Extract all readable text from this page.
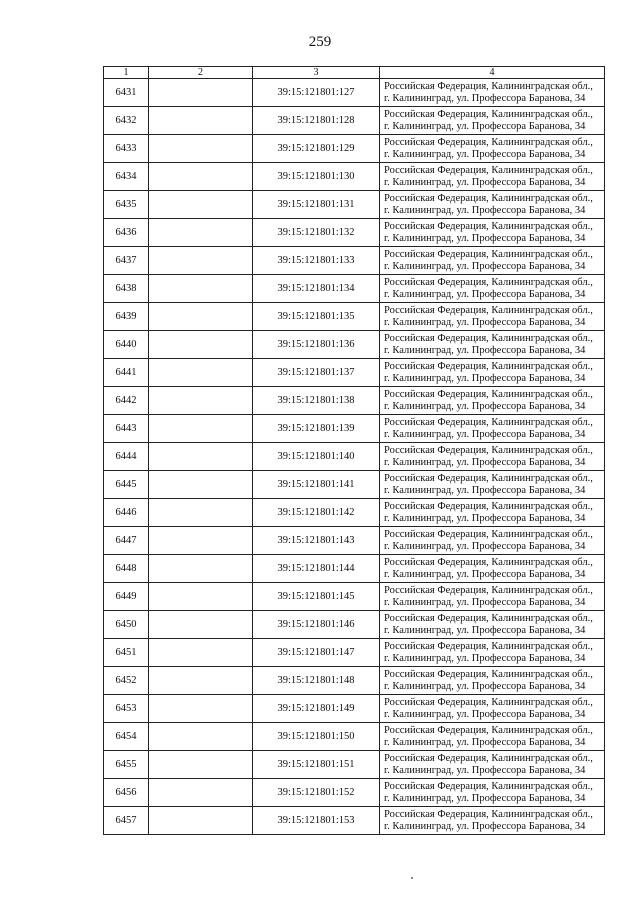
259
1	2	3	4
6431		39:15:121801:127	Российская Федерация, Калининградская обл.,
г. Калининград, ул. Профессора Баранова, 34

6432		39:15:121801:128	Российская Федерация, Калининградская обл.,
г. Калининград, ул. Профессора Баранова, 34

6433		39:15:121801:129	Российская Федерация, Калининградская обл.,
г. Калининград, ул. Профессора Баранова, 34

6434		39:15:121801:130	Российская Федерация, Калининградская обл.,
г. Калининград, ул. Профессора Баранова, 34

6435		39:15:121801:131	Российская Федерация, Калининградская обл.,
г. Калининград, ул. Профессора Баранова, 34

6436		39:15:121801:132	Российская Федерация, Калининградская обл.,
г. Калининград, ул. Профессора Баранова, 34

6437		39:15:121801:133	Российская Федерация, Калининградская обл.,
г. Калининград, ул. Профессора Баранова, 34

6438		39:15:121801:134	Российская Федерация, Калининградская обл.,
г. Калининград, ул. Профессора Баранова, 34

6439		39:15:121801:135	Российская Федерация, Калининградская обл.,
г. Калининград, ул. Профессора Баранова, 34

6440		39:15:121801:136	Российская Федерация, Калининградская обл.,
г. Калининград, ул. Профессора Баранова, 34

6441		39:15:121801:137	Российская Федерация, Калининградская обл.,
г. Калининград, ул. Профессора Баранова, 34

6442		39:15:121801:138	Российская Федерация, Калининградская обл.,
г. Калининград, ул. Профессора Баранова, 34

6443		39:15:121801:139	Российская Федерация, Калининградская обл.,
г. Калининград, ул. Профессора Баранова, 34

6444		39:15:121801:140	Российская Федерация, Калининградская обл.,
г. Калининград, ул. Профессора Баранова, 34

6445		39:15:121801:141	Российская Федерация, Калининградская обл.,
г. Калининград, ул. Профессора Баранова, 34

6446		39:15:121801:142	Российская Федерация, Калининградская обл.,
г. Калининград, ул. Профессора Баранова, 34

6447		39:15:121801:143	Российская Федерация, Калининградская обл.,
г. Калининград, ул. Профессора Баранова, 34

6448		39:15:121801:144	Российская Федерация, Калининградская обл.,
г. Калининград, ул. Профессора Баранова, 34

6449		39:15:121801:145	Российская Федерация, Калининградская обл.,
г. Калининград, ул. Профессора Баранова, 34

6450		39:15:121801:146	Российская Федерация, Калининградская обл.,
г. Калининград, ул. Профессора Баранова, 34

6451		39:15:121801:147	Российская Федерация, Калининградская обл.,
г. Калининград, ул. Профессора Баранова, 34

6452		39:15:121801:148	Российская Федерация, Калининградская обл.,
г. Калининград, ул. Профессора Баранова, 34

6453		39:15:121801:149	Российская Федерация, Калининградская обл.,
г. Калининград, ул. Профессора Баранова, 34

6454		39:15:121801:150	Российская Федерация, Калининградская обл.,
г. Калининград, ул. Профессора Баранова, 34

6455		39:15:121801:151	Российская Федерация, Калининградская обл.,
г. Калининград, ул. Профессора Баранова, 34

6456		39:15:121801:152	Российская Федерация, Калининградская обл.,
г. Калининград, ул. Профессора Баранова, 34

6457		39:15:121801:153	Российская Федерация, Калининградская обл.,
г. Калининград, ул. Профессора Баранова, 34
